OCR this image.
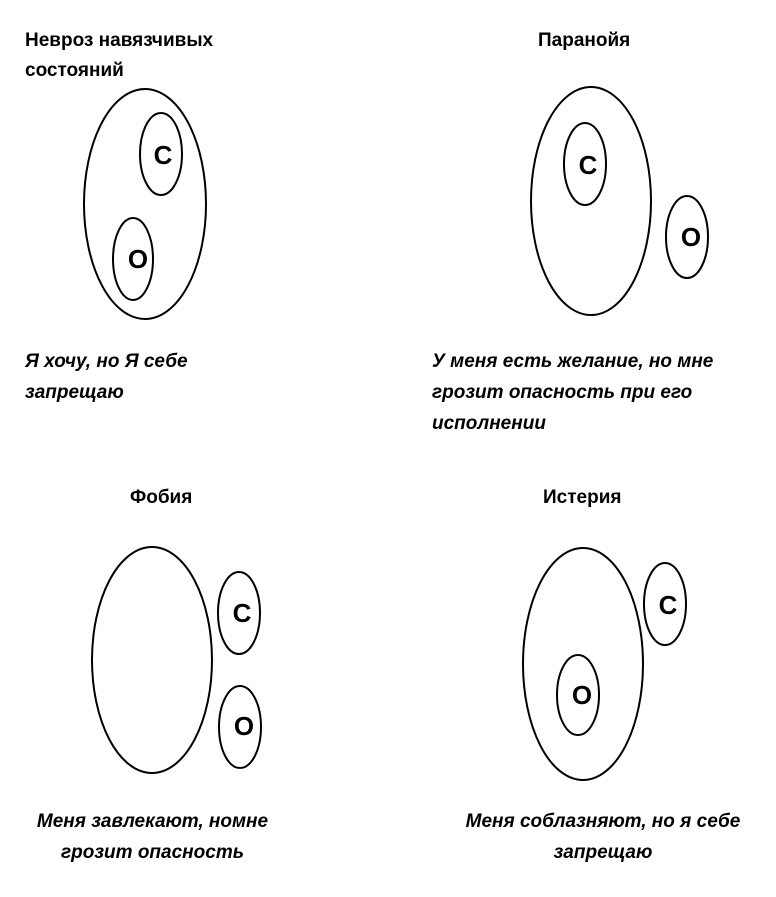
Невроз навязчивых
состояний
С
О
С
О
С
О
С
О
Я хочу, но Я себе
запрещаю
Паранойя
У меня есть желание, но мне
грозит опасность при его
исполнении
Фобия
Меня завлекают, номне
грозит опасность
Истерия
Меня соблазняют, но я себе
запрещаю
